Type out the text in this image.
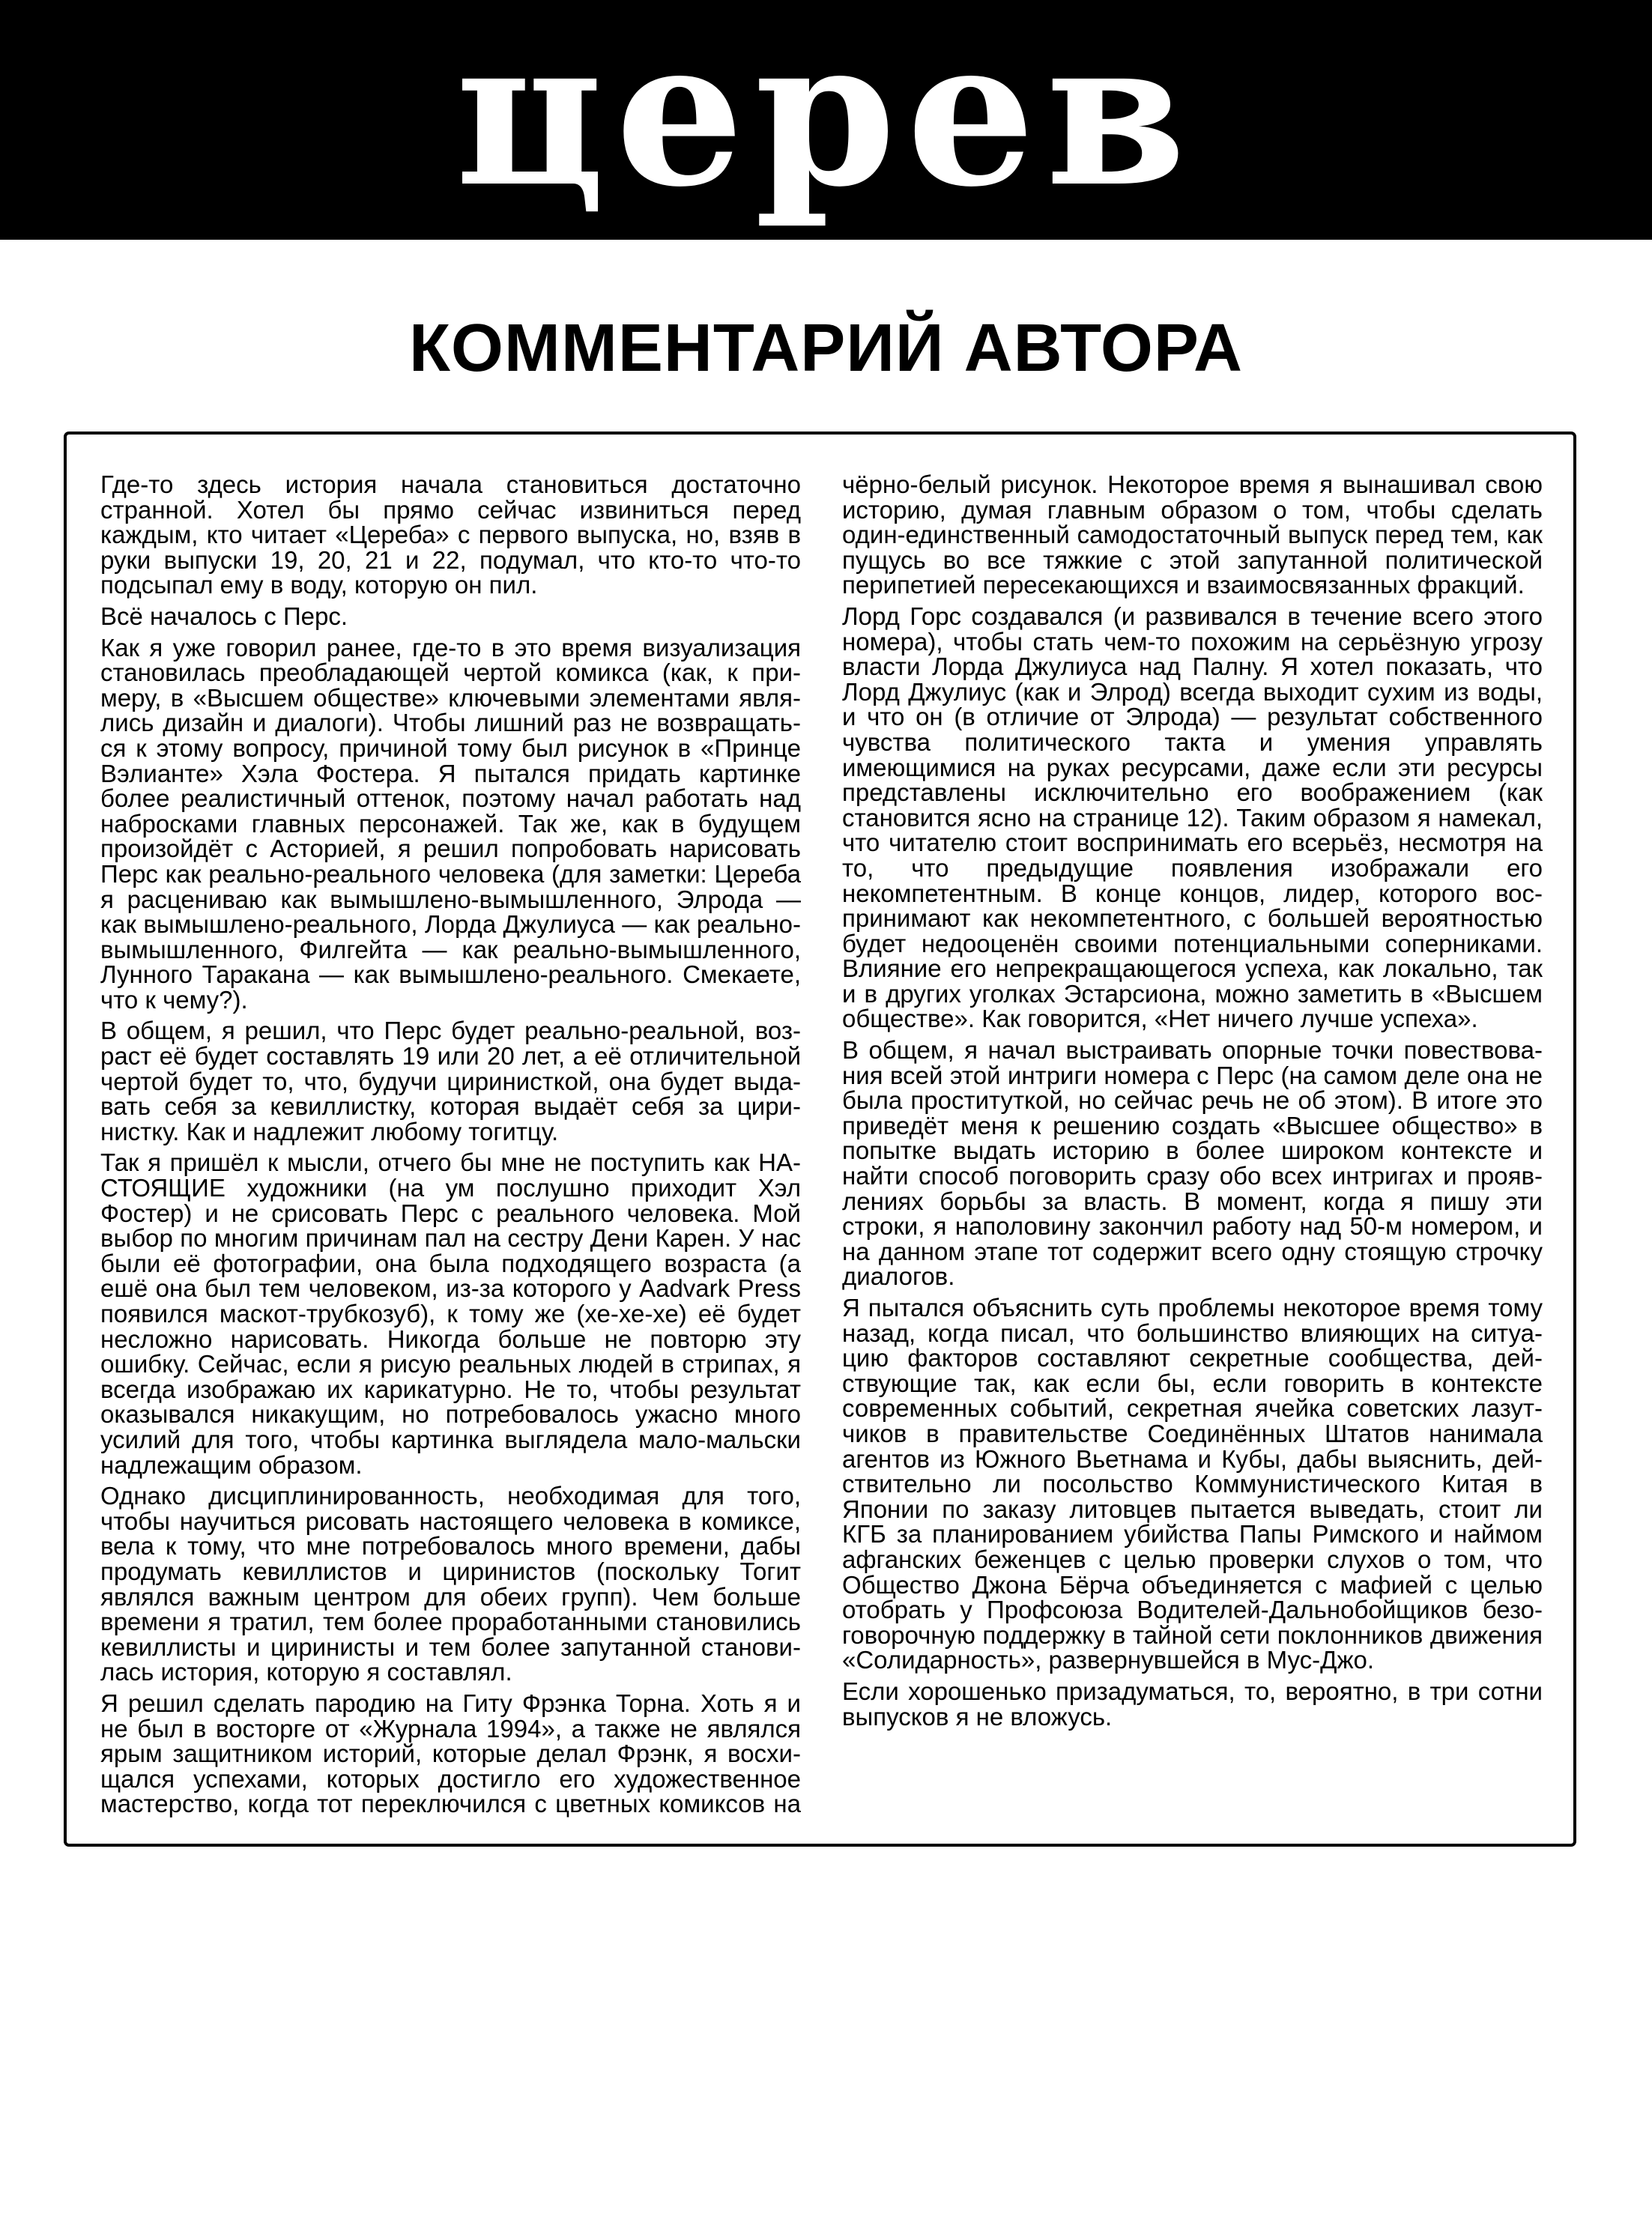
церев
КОММЕНТАРИЙ АВТОРА

Где-то здесь история начала становиться достаточно странной. Хотел бы прямо сейчас извиниться перед каждым, кто читает «Цереба» с первого выпуска, но, взяв в руки выпуски 19, 20, 21 и 22, подумал, что кто-то что-то подсыпал ему в воду, которую он пил.

Всё началось с Перс.

Как я уже говорил ранее, где-то в это время визуализация становилась преобладающей чертой комикса (как, к примеру, в «Высшем обществе» ключевыми элементами являлись дизайн и диалоги). Чтобы лишний раз не возвращаться к этому вопросу, причиной тому был рисунок в «Принце Вэлианте» Хэла Фостера. Я пытался придать картинке более реалистичный оттенок, поэтому начал работать над набросками главных персонажей. Так же, как в будущем произойдёт с Асторией, я решил попробовать нарисовать Перс как реально-реального человека (для заметки: Цереба я расцениваю как вымышлено-вымышленного, Элрода — как вымышлено-реального, Лорда Джулиуса — как реально-вымышленного, Филгейта — как реально-вымышленного, Лунного Таракана — как вымышлено-реального. Смекаете, что к чему?).

В общем, я решил, что Перс будет реально-реальной, возраст её будет составлять 19 или 20 лет, а её отличительной чертой будет то, что, будучи циринисткой, она будет выдавать себя за кевиллистку, которая выдаёт себя за циринистку. Как и надлежит любому тогитцу.

Так я пришёл к мысли, отчего бы мне не поступить как НАСТОЯЩИЕ художники (на ум послушно приходит Хэл Фостер) и не срисовать Перс с реального человека. Мой выбор по многим причинам пал на сестру Дени Карен. У нас были её фотографии, она была подходящего возраста (а ешё она был тем человеком, из-за которого у Aadvark Press появился маскот-трубкозуб), к тому же (хе-хе-хе) её будет несложно нарисовать. Никогда больше не повторю эту ошибку. Сейчас, если я рисую реальных людей в стрипах, я всегда изображаю их карикатурно. Не то, чтобы результат оказывался никакущим, но потребовалось ужасно много усилий для того, чтобы картинка выглядела мало-мальски надлежащим образом.

Однако дисциплинированность, необходимая для того, чтобы научиться рисовать настоящего человека в комиксе, вела к тому, что мне потребовалось много времени, дабы продумать кевиллистов и циринистов (поскольку Тогит являлся важным центром для обеих групп). Чем больше времени я тратил, тем более проработанными становились кевиллисты и циринисты и тем более запутанной становилась история, которую я составлял.

Я решил сделать пародию на Гиту Фрэнка Торна. Хоть я и не был в восторге от «Журнала 1994», а также не являлся ярым защитником историй, которые делал Фрэнк, я восхищался успехами, которых достигло его художественное мастерство, когда тот переключился с цветных комиксов на чёрно-белый рисунок. Некоторое время я вынашивал свою историю, думая главным образом о том, чтобы сделать один-единственный самодостаточный выпуск перед тем, как пущусь во все тяжкие с этой запутанной политической перипетией пересекающихся и взаимосвязанных фракций.

Лорд Горс создавался (и развивался в течение всего этого номера), чтобы стать чем-то похожим на серьёзную угрозу власти Лорда Джулиуса над Палну. Я хотел показать, что Лорд Джулиус (как и Элрод) всегда выходит сухим из воды, и что он (в отличие от Элрода) — результат собственного чувства политического такта и умения управлять имеющимися на руках ресурсами, даже если эти ресурсы представлены исключительно его воображением (как становится ясно на странице 12). Таким образом я намекал, что читателю стоит воспринимать его всерьёз, несмотря на то, что предыдущие появления изображали его некомпетентным. В конце концов, лидер, которого воспринимают как некомпетентного, с большей вероятностью будет недооценён своими потенциальными соперниками. Влияние его непрекращающегося успеха, как локально, так и в других уголках Эстарсиона, можно заметить в «Высшем обществе». Как говорится, «Нет ничего лучше успеха».

В общем, я начал выстраивать опорные точки повествования всей этой интриги номера с Перс (на самом деле она не была проституткой, но сейчас речь не об этом). В итоге это приведёт меня к решению создать «Высшее общество» в попытке выдать историю в более широком контексте и найти способ поговорить сразу обо всех интригах и проявлениях борьбы за власть. В момент, когда я пишу эти строки, я наполовину закончил работу над 50-м номером, и на данном этапе тот содержит всего одну стоящую строчку диалогов.

Я пытался объяснить суть проблемы некоторое время тому назад, когда писал, что большинство влияющих на ситуацию факторов составляют секретные сообщества, действующие так, как если бы, если говорить в контексте современных событий, секретная ячейка советских лазутчиков в правительстве Соединённых Штатов нанимала агентов из Южного Вьетнама и Кубы, дабы выяснить, действительно ли посольство Коммунистического Китая в Японии по заказу литовцев пытается выведать, стоит ли КГБ за планированием убийства Папы Римского и наймом афганских беженцев с целью проверки слухов о том, что Общество Джона Бёрча объединяется с мафией с целью отобрать у Профсоюза Водителей-Дальнобойщиков безоговорочную поддержку в тайной сети поклонников движения «Солидарность», развернувшейся в Мус-Джо.

Если хорошенько призадуматься, то, вероятно, в три сотни выпусков я не вложусь.
